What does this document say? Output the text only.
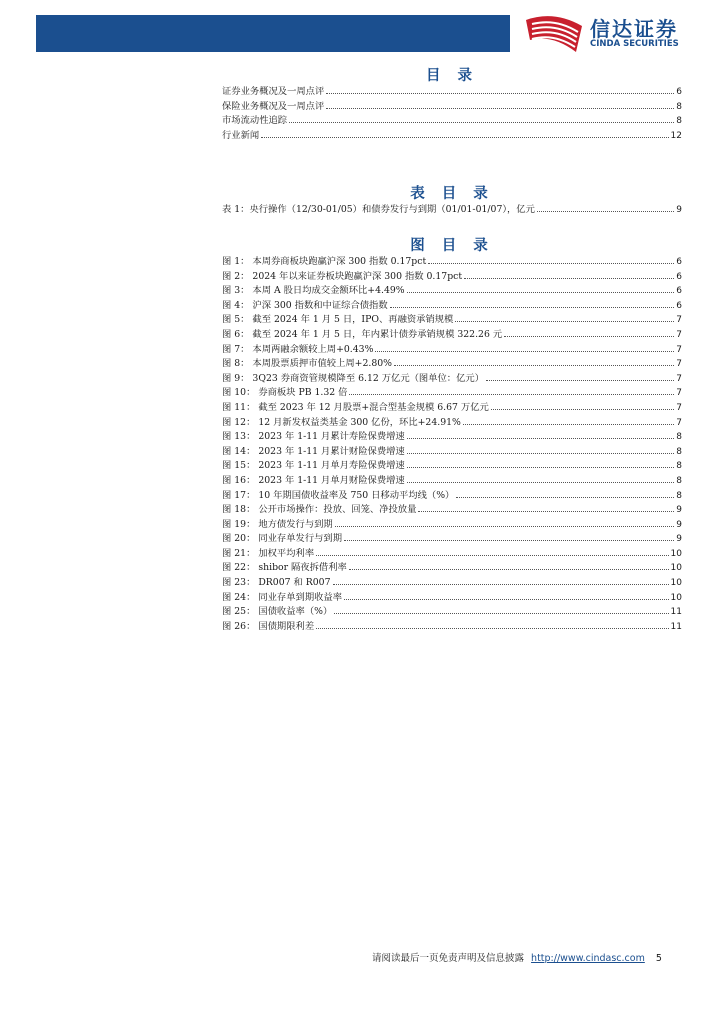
信达证券
CINDA SECURITIES
目 录
证券业务概况及一周点评	6
保险业务概况及一周点评	8
市场流动性追踪	8
行业新闻	12
表 目 录
表 1：央行操作（12/30-01/05）和债券发行与到期（01/01-01/07），亿元	9
图 目 录
图 1： 本周券商板块跑赢沪深 300 指数 0.17pct	6
图 2： 2024 年以来证券板块跑赢沪深 300 指数 0.17pct	6
图 3： 本周 A 股日均成交金额环比+4.49%	6
图 4： 沪深 300 指数和中证综合债指数	6
图 5： 截至 2024 年 1 月 5 日，IPO、再融资承销规模	7
图 6： 截至 2024 年 1 月 5 日，年内累计债券承销规模 322.26 元	7
图 7： 本周两融余额较上周+0.43%	7
图 8： 本周股票质押市值较上周+2.80%	7
图 9： 3Q23 券商资管规模降至 6.12 万亿元（图单位：亿元）	7
图 10： 券商板块 PB 1.32 倍	7
图 11： 截至 2023 年 12 月股票+混合型基金规模 6.67 万亿元	7
图 12： 12 月新发权益类基金 300 亿份，环比+24.91%	7
图 13： 2023 年 1-11 月累计寿险保费增速	8
图 14： 2023 年 1-11 月累计财险保费增速	8
图 15： 2023 年 1-11 月单月寿险保费增速	8
图 16： 2023 年 1-11 月单月财险保费增速	8
图 17： 10 年期国债收益率及 750 日移动平均线（%）	8
图 18： 公开市场操作：投放、回笼、净投放量	9
图 19： 地方债发行与到期	9
图 20： 同业存单发行与到期	9
图 21： 加权平均利率	10
图 22： shibor 隔夜拆借利率	10
图 23： DR007 和 R007	10
图 24： 同业存单到期收益率	10
图 25： 国债收益率（%）	11
图 26： 国债期限利差	11
请阅读最后一页免责声明及信息披露 http://www.cindasc.com 5
